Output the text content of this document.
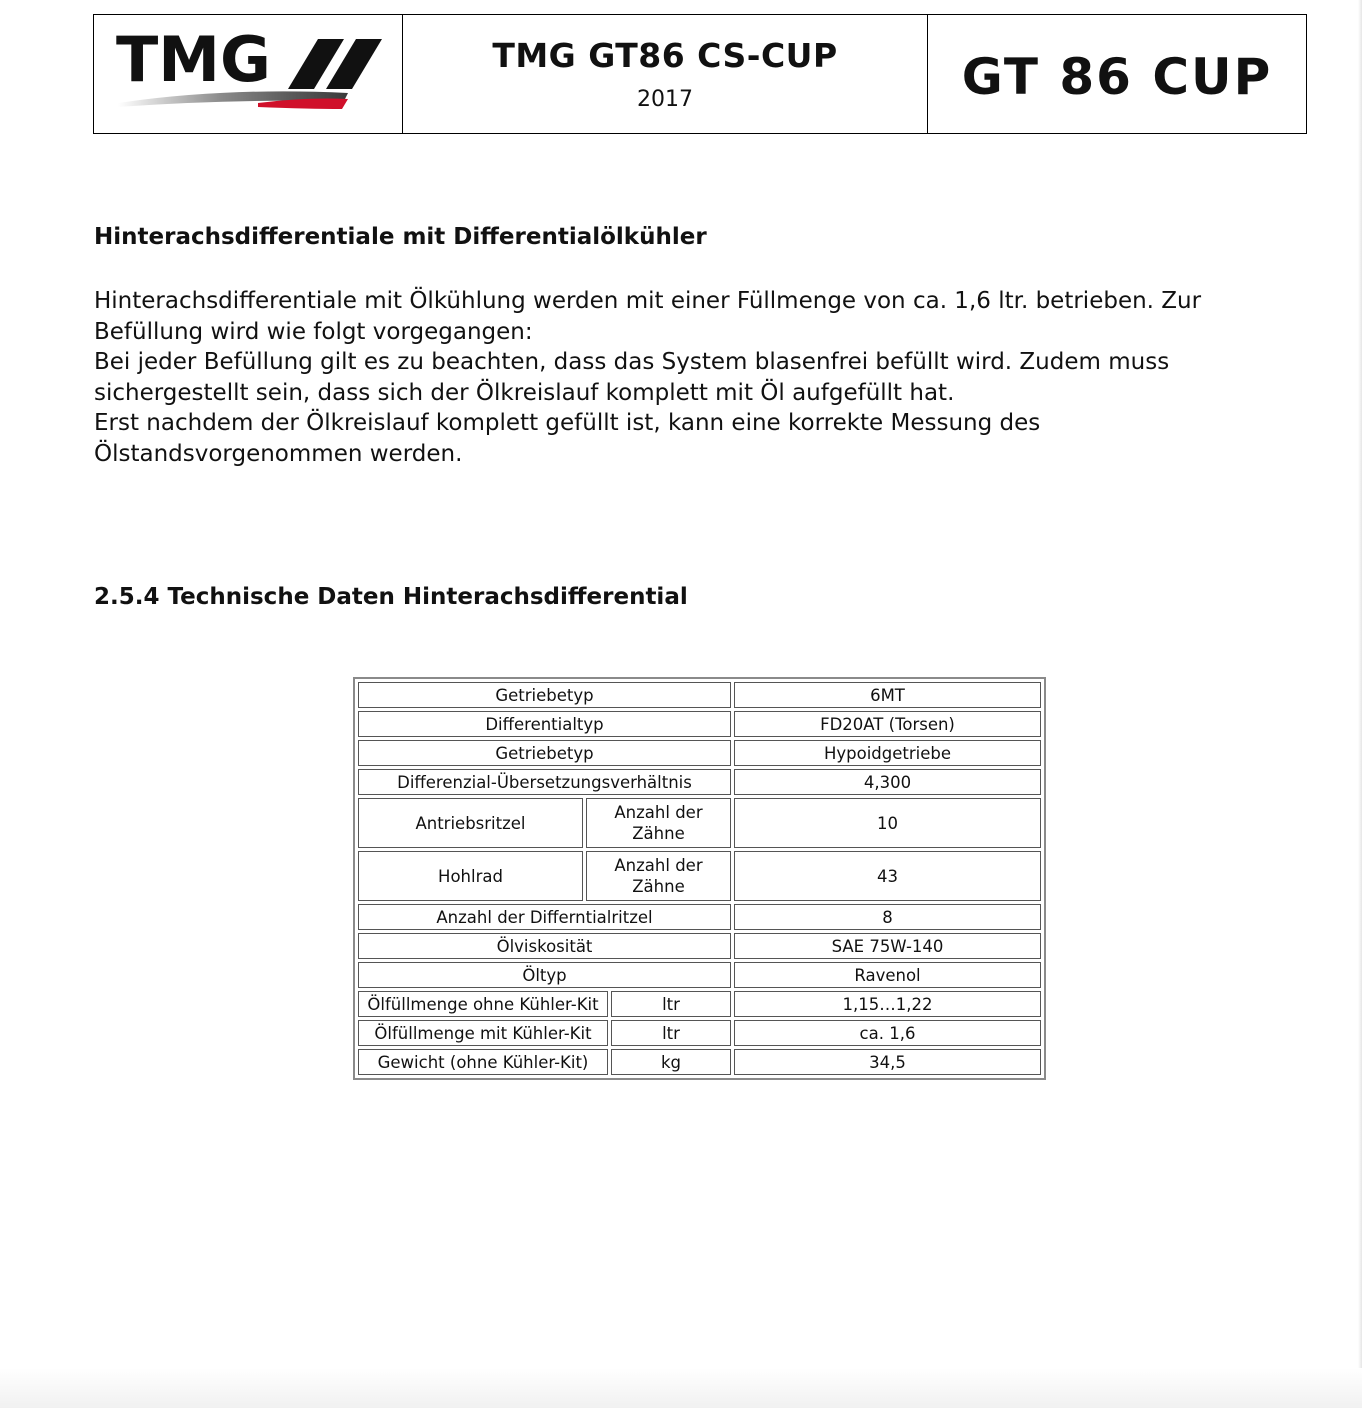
TMG	TMG GT86 CS-CUP
2017	GT 86 CUP
Hinterachsdifferentiale mit Differentialölkühler

Hinterachsdifferentiale mit Ölkühlung werden mit einer Füllmenge von ca. 1,6 ltr. betrieben. Zur Befüllung wird wie folgt vorgegangen:

Bei jeder Befüllung gilt es zu beachten, dass das System blasenfrei befüllt wird. Zudem muss sichergestellt sein, dass sich der Ölkreislauf komplett mit Öl aufgefüllt hat.

Erst nachdem der Ölkreislauf komplett gefüllt ist, kann eine korrekte Messung des Ölstandsvorgenommen werden.

2.5.4 Technische Daten Hinterachsdifferential
Getriebetyp			6MT
Differentialtyp			FD20AT (Torsen)
Getriebetyp			Hypoidgetriebe
Differenzial-Übersetzungsverhältnis			4,300
Antriebsritzel	Anzahl der Zähne		10
Hohlrad	Anzahl der Zähne		43
Anzahl der Differntialritzel			8
Ölviskosität			SAE 75W-140
Öltyp			Ravenol
Ölfüllmenge ohne Kühler-Kit		ltr	1,15…1,22
Ölfüllmenge mit Kühler-Kit		ltr	ca. 1,6
Gewicht (ohne Kühler-Kit)		kg	34,5
